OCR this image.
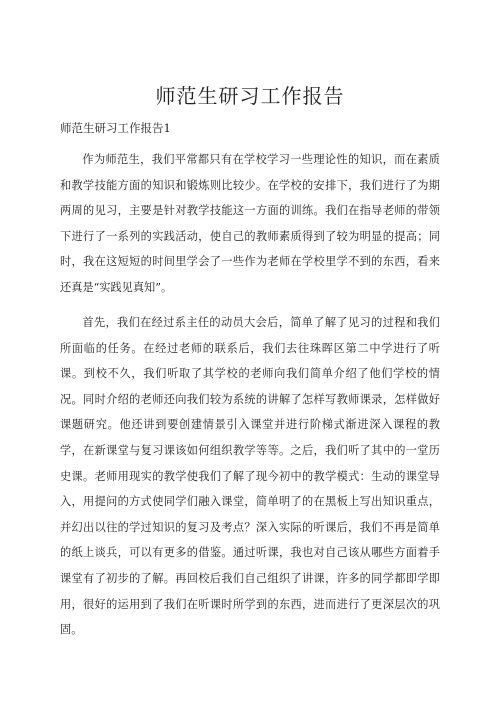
师范生研习工作报告
师范生研习工作报告1

作为师范生，我们平常都只有在学校学习一些理论性的知识，而在素质和教学技能方面的知识和锻炼则比较少。在学校的安排下，我们进行了为期两周的见习，主要是针对教学技能这一方面的训练。我们在指导老师的带领下进行了一系列的实践活动，使自己的教师素质得到了较为明显的提高；同时，我在这短短的时间里学会了一些作为老师在学校里学不到的东西，看来还真是“实践见真知”。

首先，我们在经过系主任的动员大会后，简单了解了见习的过程和我们所面临的任务。在经过老师的联系后，我们去往珠晖区第二中学进行了听课。到校不久，我们听取了其学校的老师向我们简单介绍了他们学校的情况。同时介绍的老师还向我们较为系统的讲解了怎样写教师课录，怎样做好课题研究。他还讲到要创建情景引入课堂并进行阶梯式渐进深入课程的教学，在新课堂与复习课该如何组织教学等等。之后，我们听了其中的一堂历史课。老师用现实的教学使我们了解了现今初中的教学模式：生动的课堂导入，用提问的方式使同学们融入课堂，简单明了的在黑板上写出知识重点，并幻出以往的学过知识的复习及考点？深入实际的听课后，我们不再是简单的纸上谈兵，可以有更多的借鉴。通过听课，我也对自己该从哪些方面着手课堂有了初步的了解。再回校后我们自己组织了讲课，许多的同学都即学即用，很好的运用到了我们在听课时所学到的东西，进而进行了更深层次的巩固。
